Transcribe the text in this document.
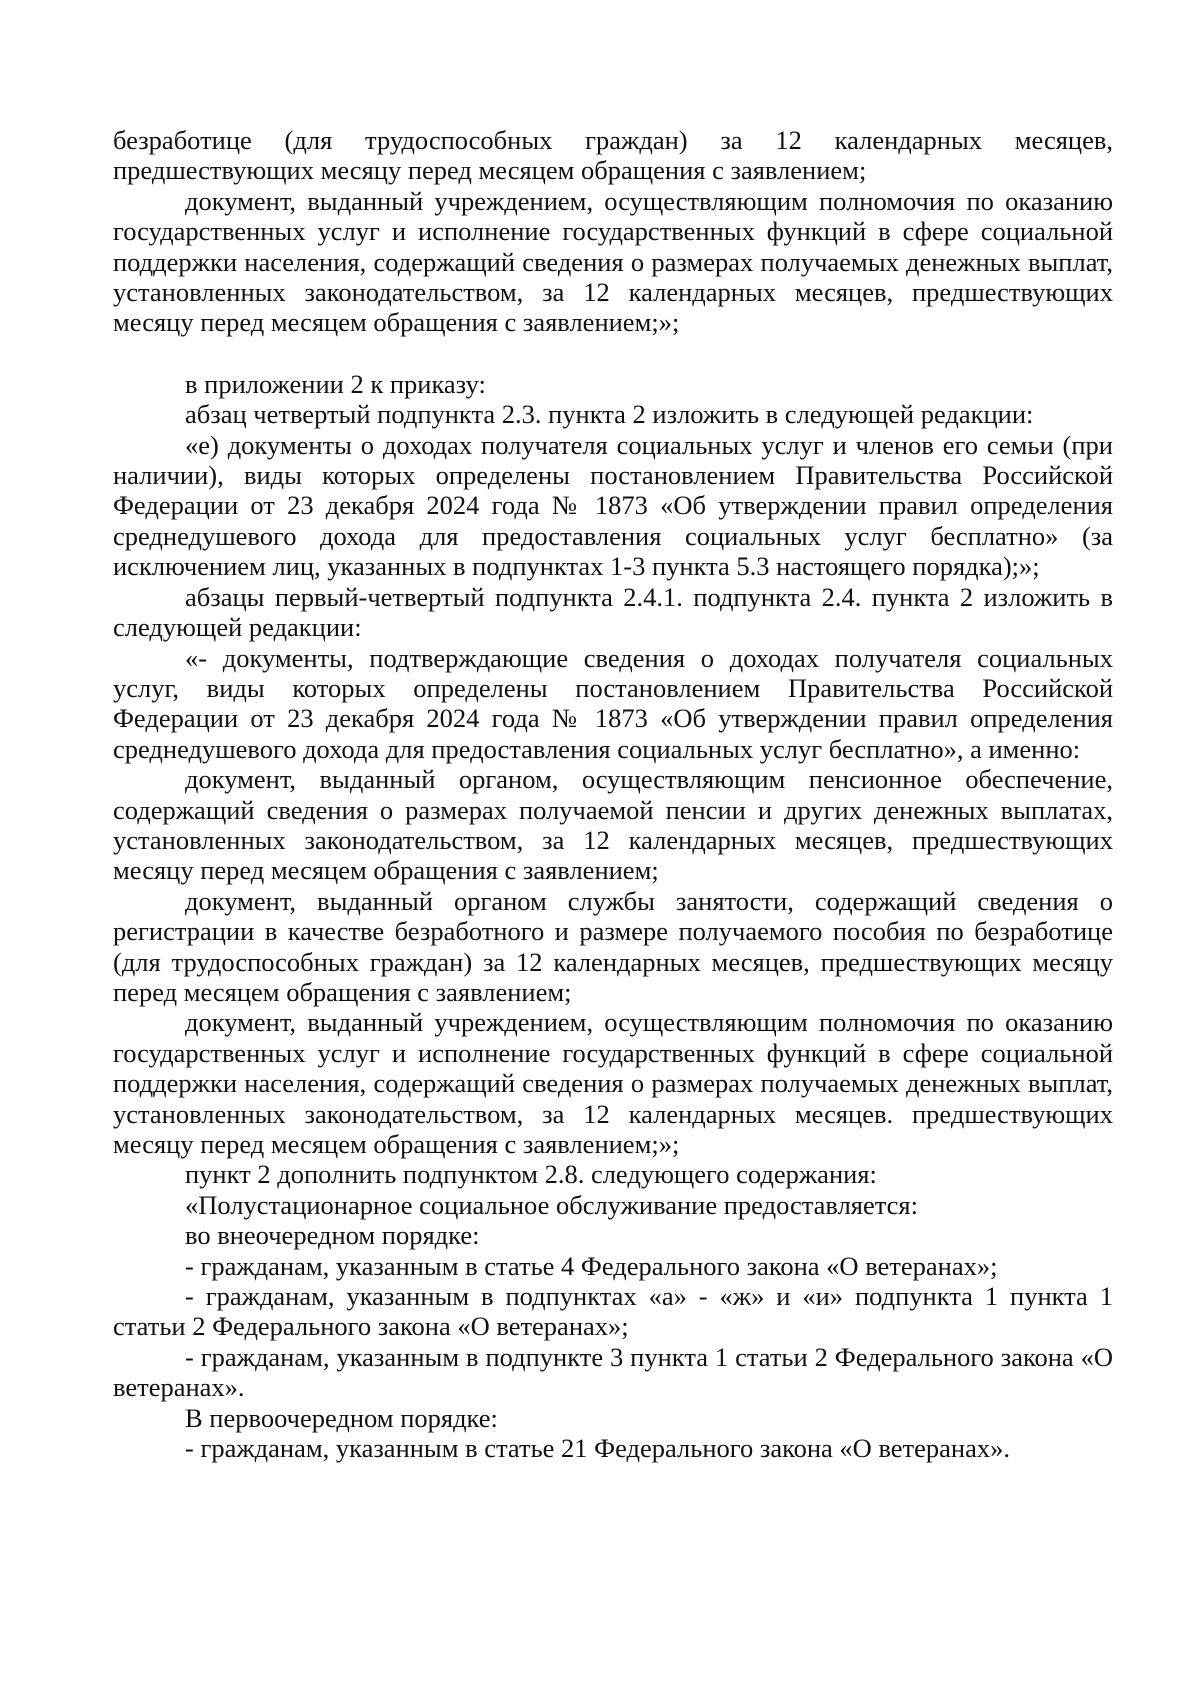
безработице (для трудоспособных граждан) за 12 календарных месяцев, предшествующих месяцу перед месяцем обращения с заявлением;

документ, выданный учреждением, осуществляющим полномочия по оказанию государственных услуг и исполнение государственных функций в сфере социальной поддержки населения, содержащий сведения о размерах получаемых денежных выплат, установленных законодательством, за 12 календарных месяцев, предшествующих месяцу перед месяцем обращения с заявлением;»;

в приложении 2 к приказу:

абзац четвертый подпункта 2.3. пункта 2 изложить в следующей редакции:

«е) документы о доходах получателя социальных услуг и членов его семьи (при наличии), виды которых определены постановлением Правительства Российской Федерации от 23 декабря 2024 года № 1873 «Об утверждении правил определения среднедушевого дохода для предоставления социальных услуг бесплатно» (за исключением лиц, указанных в подпунктах 1-3 пункта 5.3 настоящего порядка);»;

абзацы первый-четвертый подпункта 2.4.1. подпункта 2.4. пункта 2 изложить в следующей редакции:

«- документы, подтверждающие сведения о доходах получателя социальных услуг, виды которых определены постановлением Правительства Российской Федерации от 23 декабря 2024 года № 1873 «Об утверждении правил определения среднедушевого дохода для предоставления социальных услуг бесплатно», а именно:

документ, выданный органом, осуществляющим пенсионное обеспечение, содержащий сведения о размерах получаемой пенсии и других денежных выплатах, установленных законодательством, за 12 календарных месяцев, предшествующих месяцу перед месяцем обращения с заявлением;

документ, выданный органом службы занятости, содержащий сведения о регистрации в качестве безработного и размере получаемого пособия по безработице (для трудоспособных граждан) за 12 календарных месяцев, предшествующих месяцу перед месяцем обращения с заявлением;

документ, выданный учреждением, осуществляющим полномочия по оказанию государственных услуг и исполнение государственных функций в сфере социальной поддержки населения, содержащий сведения о размерах получаемых денежных выплат, установленных законодательством, за 12 календарных месяцев. предшествующих месяцу перед месяцем обращения с заявлением;»;

пункт 2 дополнить подпунктом 2.8. следующего содержания:

«Полустационарное социальное обслуживание предоставляется:

во внеочередном порядке:

- гражданам, указанным в статье 4 Федерального закона «О ветеранах»;

- гражданам, указанным в подпунктах «а» - «ж» и «и» подпункта 1 пункта 1 статьи 2 Федерального закона «О ветеранах»;

- гражданам, указанным в подпункте 3 пункта 1 статьи 2 Федерального закона «О ветеранах».

В первоочередном порядке:

- гражданам, указанным в статье 21 Федерального закона «О ветеранах».
